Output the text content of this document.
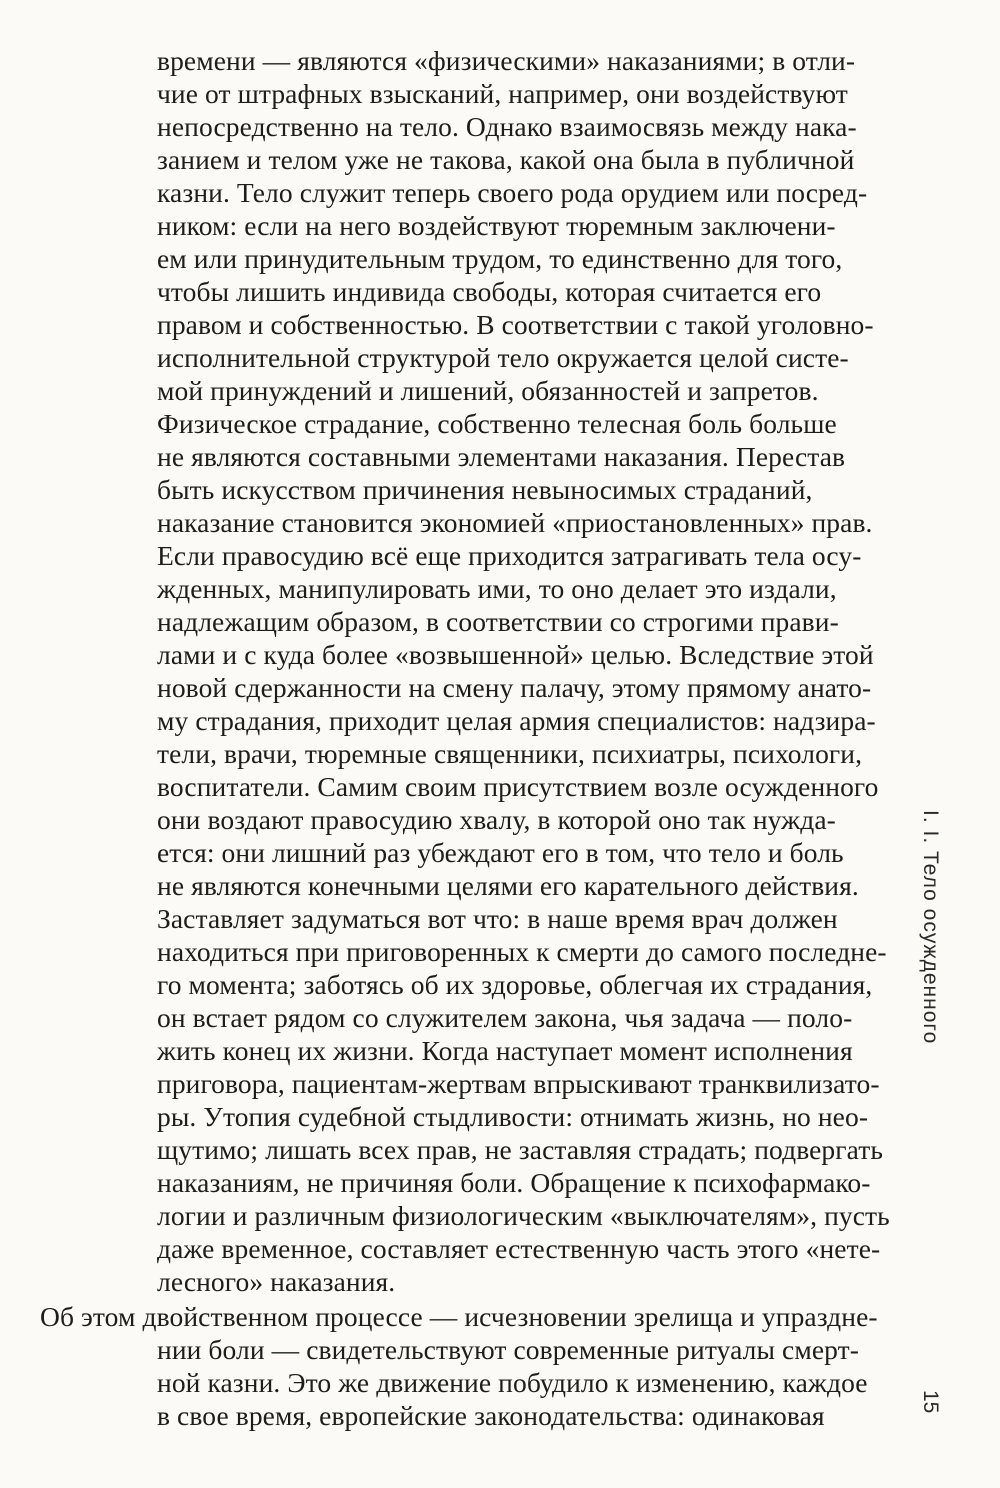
времени — являются «физическими» наказаниями; в отли-
чие от штрафных взысканий, например, они воздействуют
непосредственно на тело. Однако взаимосвязь между нака-
занием и телом уже не такова, какой она была в публичной
казни. Тело служит теперь своего рода орудием или посред-
ником: если на него воздействуют тюремным заключени-
ем или принудительным трудом, то единственно для того,
чтобы лишить индивида свободы, которая считается его
правом и собственностью. В соответствии с такой уголовно-
исполнительной структурой тело окружается целой систе-
мой принуждений и лишений, обязанностей и запретов.
Физическое страдание, собственно телесная боль больше
не являются составными элементами наказания. Перестав
быть искусством причинения невыносимых страданий,
наказание становится экономией «приостановленных» прав.
Если правосудию всё еще приходится затрагивать тела осу-
жденных, манипулировать ими, то оно делает это издали,
надлежащим образом, в соответствии со строгими прави-
лами и с куда более «возвышенной» целью. Вследствие этой
новой сдержанности на смену палачу, этому прямому анато-
му страдания, приходит целая армия специалистов: надзира-
тели, врачи, тюремные священники, психиатры, психологи,
воспитатели. Самим своим присутствием возле осужденного
они воздают правосудию хвалу, в которой оно так нужда-
ется: они лишний раз убеждают его в том, что тело и боль
не являются конечными целями его карательного действия.
Заставляет задуматься вот что: в наше время врач должен
находиться при приговоренных к смерти до самого последне-
го момента; заботясь об их здоровье, облегчая их страдания,
он встает рядом со служителем закона, чья задача — поло-
жить конец их жизни. Когда наступает момент исполнения
приговора, пациентам-жертвам впрыскивают транквилизато-
ры. Утопия судебной стыдливости: отнимать жизнь, но нео-
щутимо; лишать всех прав, не заставляя страдать; подвергать
наказаниям, не причиняя боли. Обращение к психофармако-
логии и различным физиологическим «выключателям», пусть
даже временное, составляет естественную часть этого «нете-
лесного» наказания.
Об этом двойственном процессе — исчезновении зрелища и упраздне-
нии боли — свидетельствуют современные ритуалы смерт-
ной казни. Это же движение побудило к изменению, каждое
в свое время, европейские законодательства: одинаковая
I. I. Тело осужденного
15
